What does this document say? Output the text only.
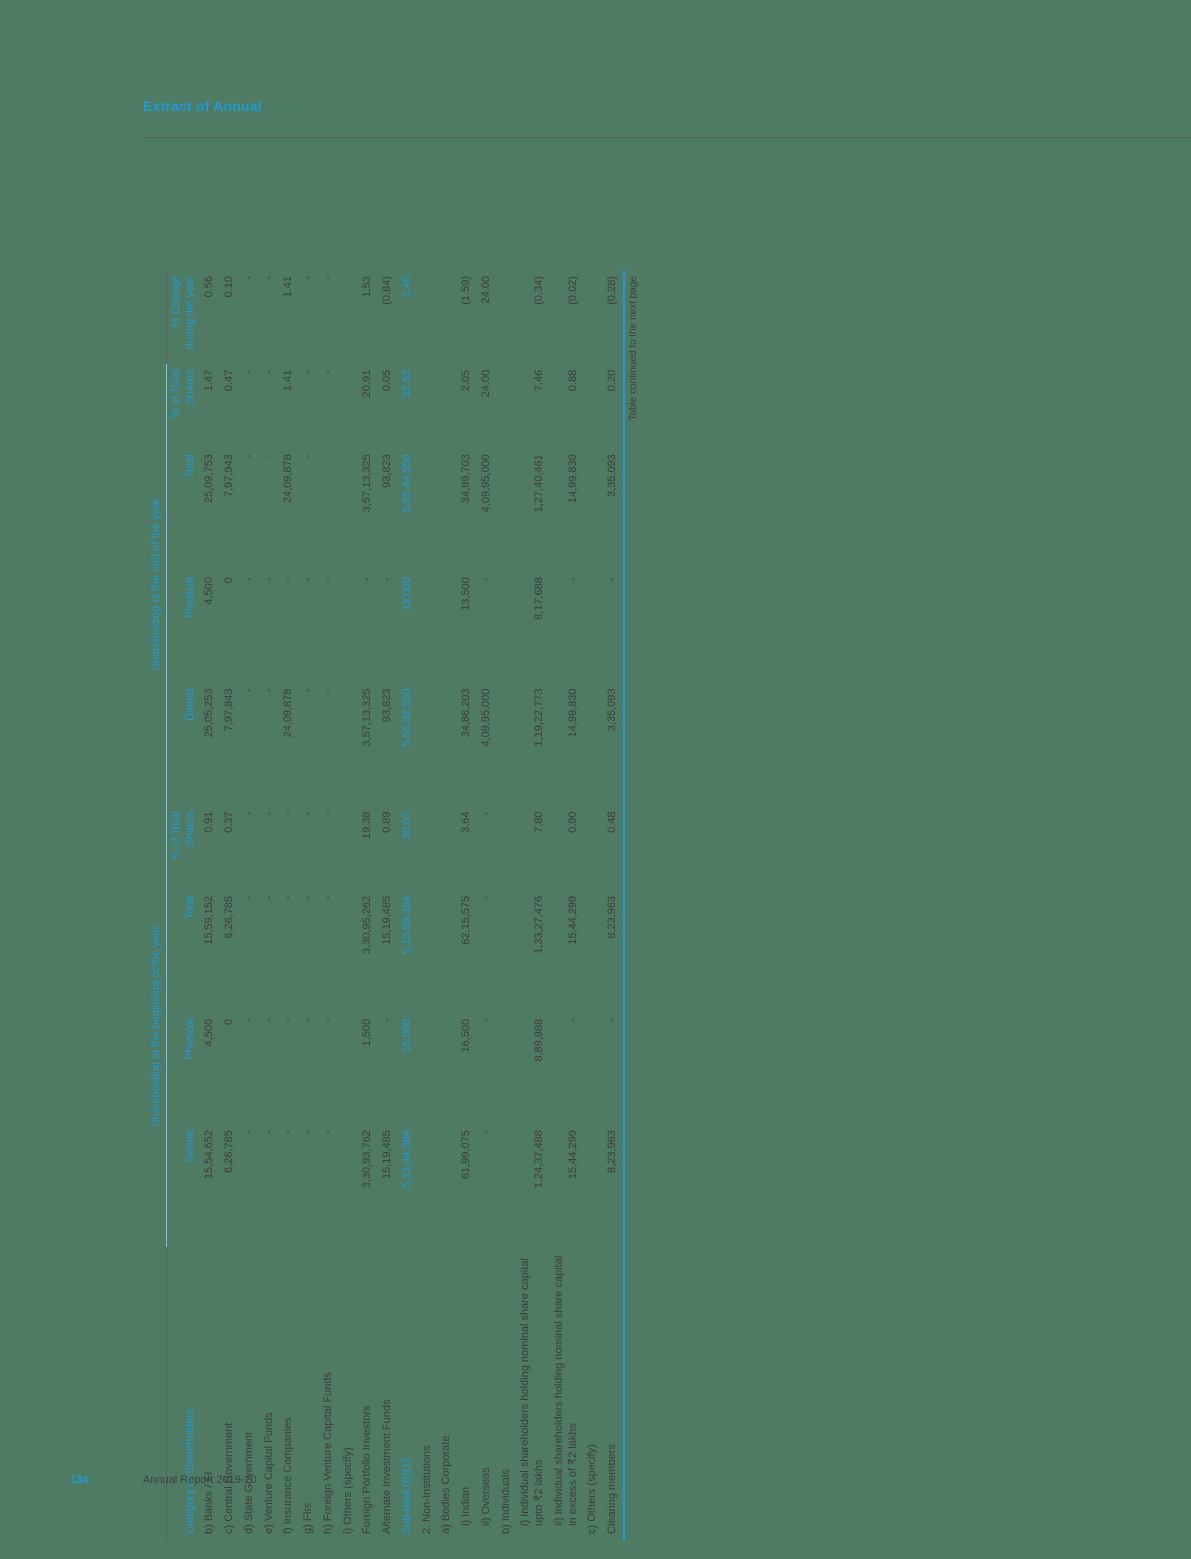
Extract of Annual Return
	Shareholding at the beginning of the year				Shareholding at the end of the year				
Category of Shareholders	Demat	Physical	Total	% of Total Shares	Demat	Physical	Total	% of Total Shares	% Change during the year
b) Banks / FI	15,54,652	4,500	15,59,152	0.91	25,05,253	4,500	25,09,753	1.47	0.56
c) Central Government	6,26,785	0	6,26,785	0.37	7,97,943	0	7,97,943	0.47	0.10
d) State Government	-	-	-	-	-	-	-	-	-
e) Venture Capital Funds	-	-	-	-	-	-	-	-	-
f) Insurance Companies	-	-	-	-	24,09,878	-	24,09,878	1.41	1.41
g) FIIs	-	-	-	-	-	-	-	-	-
h) Foreign Venture Capital Funds	-	-	-	-	-	-	-	-	-
i) Others (specify)									
Foreign Portfolio Investors	3,30,93,762	1,500	3,30,95,262	19.38	3,57,13,325	-	3,57,13,325	20.91	1.53
Alternate Investment Funds	15,19,485	-	15,19,485	0.89	93,823	-	93,823	0.05	(0.84)
Sub-total (B)(1):	5,13,44,384	15,000	5,13,59,384	30.07	5,55,32,950	12,000	5,55,44,950	32.52	2.45
2. Non-Institutions									
a) Bodies Corporate									
i) Indian	61,99,075	16,500	62,15,575	3.64	34,86,203	13,500	34,99,703	2.05	(1.59)
ii) Overseas	-	-	-	-	4,09,95,000	-	4,09,95,000	24.00	24.00
b) Individuals									
i) Individual shareholders holding nominal share capital upto ₹2 lakhs	1,24,37,488	8,89,988	1,33,27,476	7.80	1,19,22,773	8,17,688	1,27,40,461	7.46	(0.34)
ii) Individual shareholders holding nominal share capital in excess of ₹2 lakhs	15,44,299	-	15,44,299	0.90	14,99,830	-	14,99,830	0.88	(0.02)
c) Others (specify)									
Clearing members	8,23,963	-	8,23,963	0.48	3,35,093	-	3,35,093	0.20	(0.28)
Table continued to the next page									
134	Annual Report 2019-20
